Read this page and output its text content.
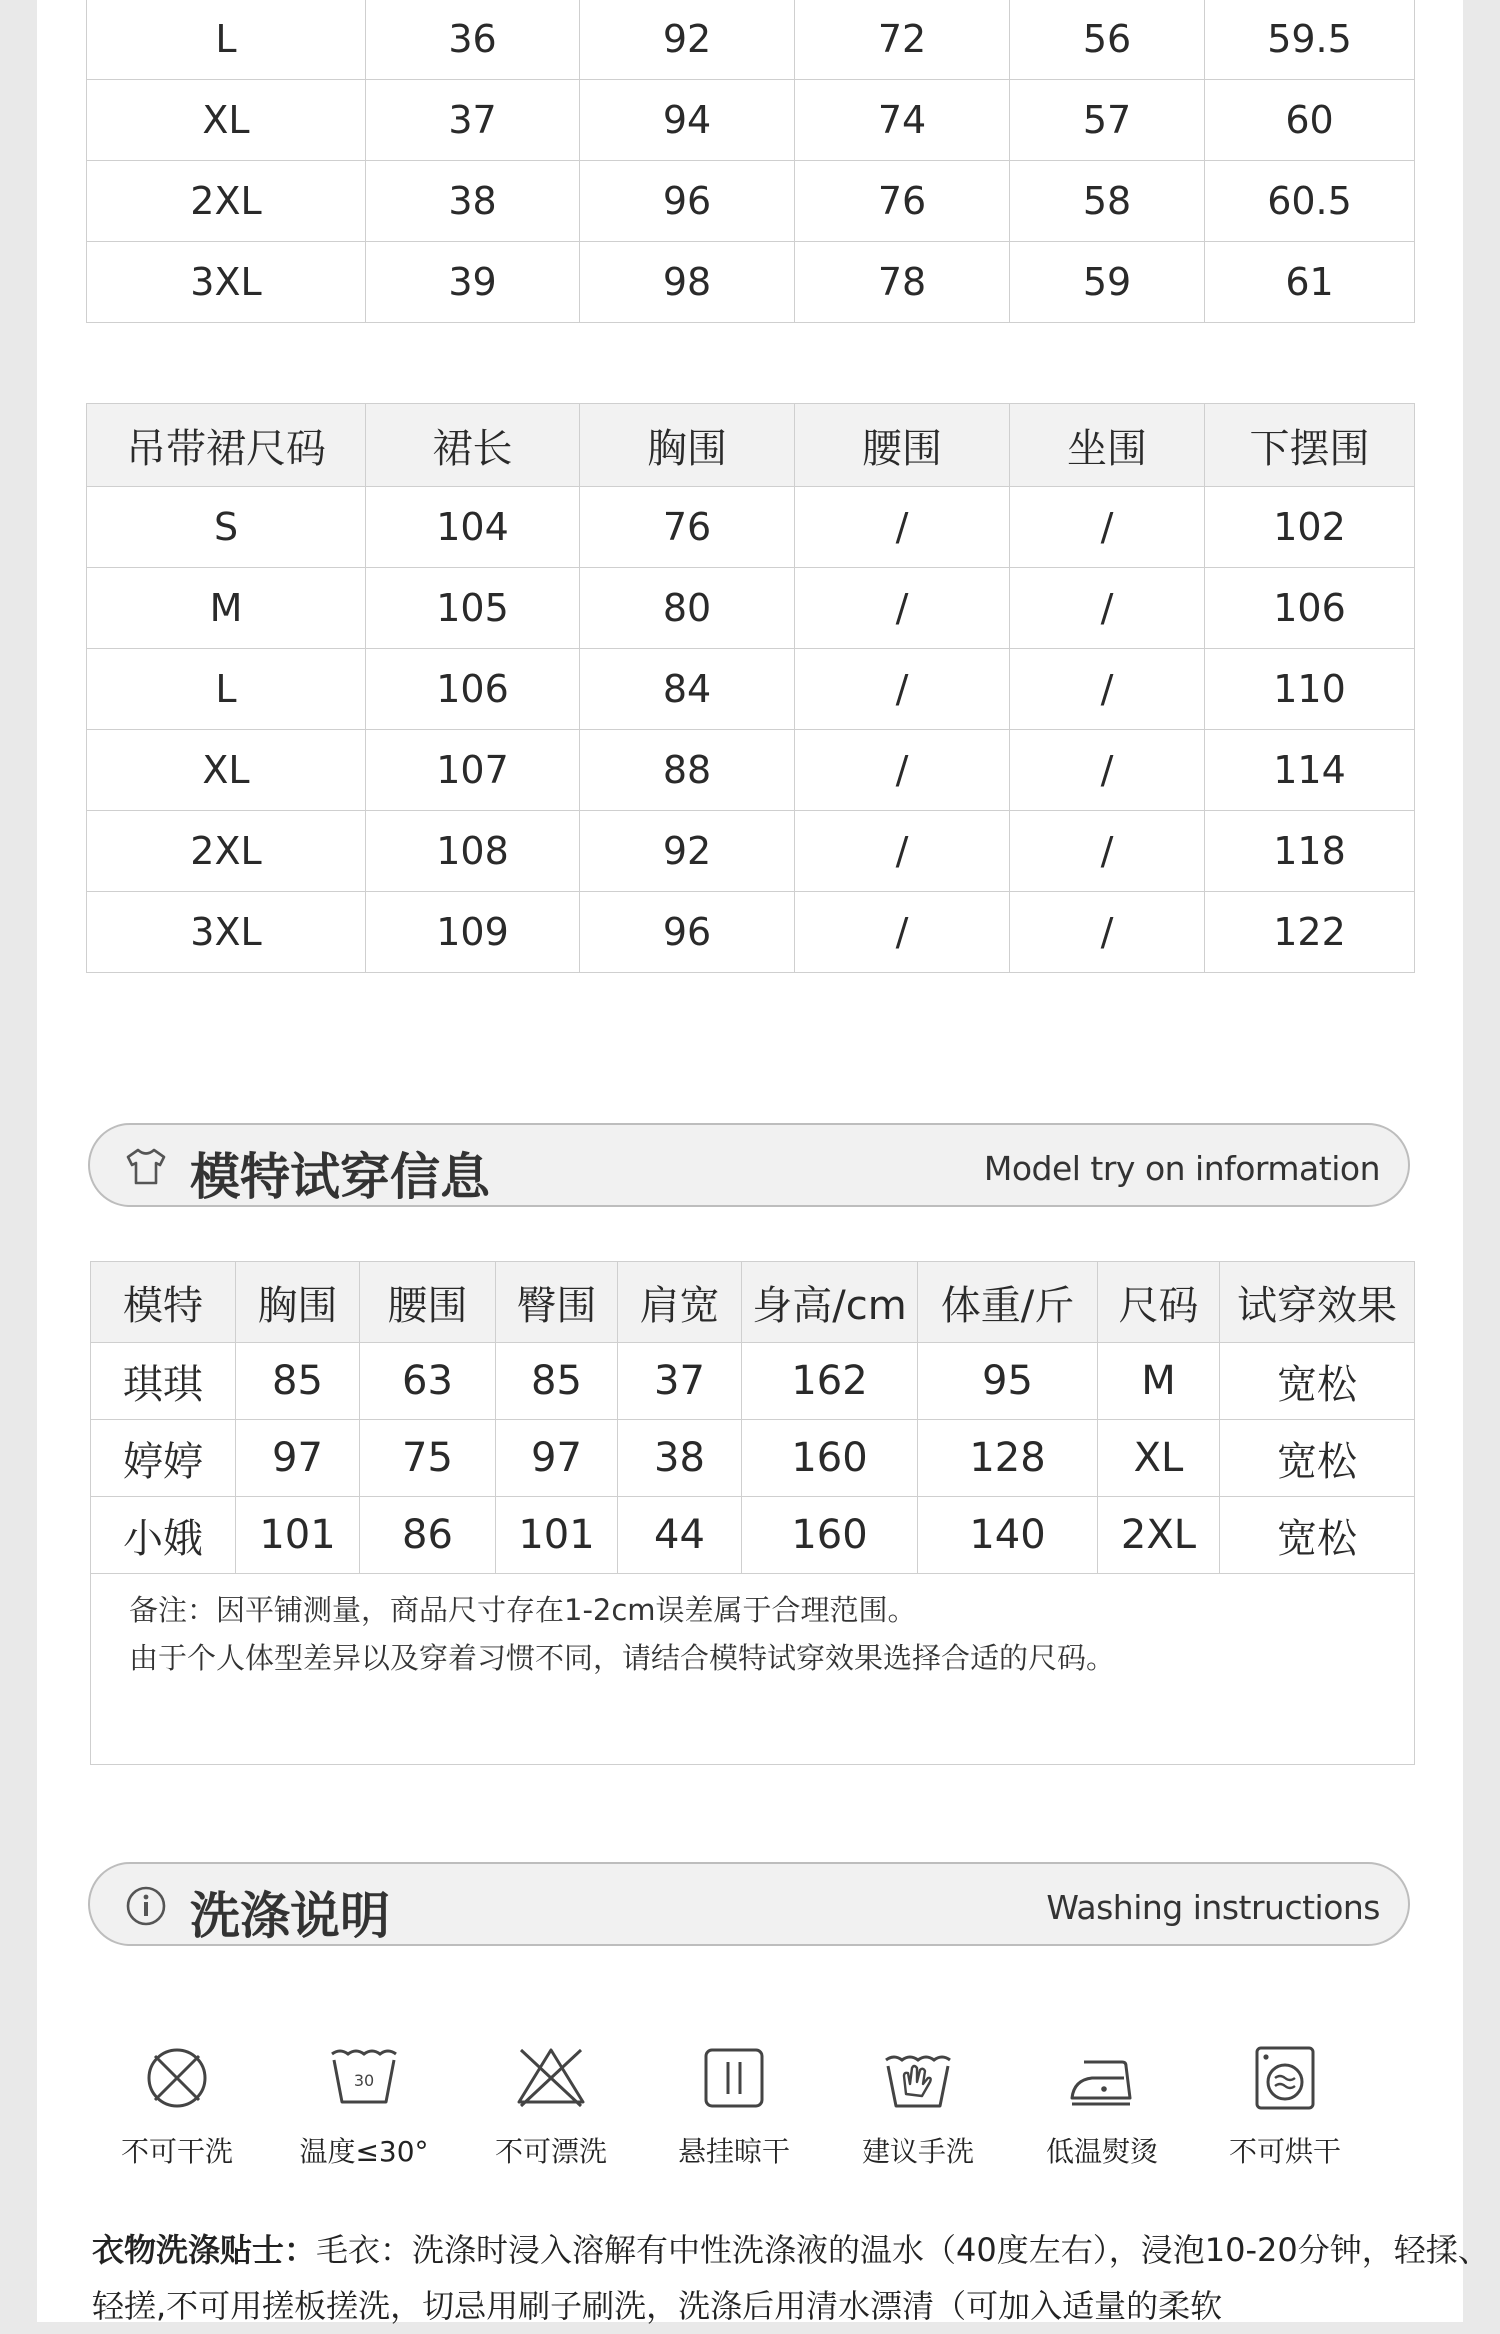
L	36	92	72	56	59.5
XL	37	94	74	57	60
2XL	38	96	76	58	60.5
3XL	39	98	78	59	61
吊带裙尺码	裙长	胸围	腰围	坐围	下摆围
S	104	76	/	/	102
M	105	80	/	/	106
L	106	84	/	/	110
XL	107	88	/	/	114
2XL	108	92	/	/	118
3XL	109	96	/	/	122
模特试穿信息	Model try on information
模特	胸围	腰围	臀围	肩宽	身高/cm	体重/斤	尺码	试穿效果
琪琪	85	63	85	37	162	95	M	宽松
婷婷	97	75	97	38	160	128	XL	宽松
小娥	101	86	101	44	160	140	2XL	宽松

备注：因平铺测量，商品尺寸存在1-2cm误差属于合理范围。
由于个人体型差异以及穿着习惯不同，请结合模特试穿效果选择合适的尺码。								
洗涤说明	Washing instructions
不可干洗
30
温度≤30°	不可漂洗	悬挂晾干	建议手洗	低温熨烫	不可烘干
衣物洗涤贴士：毛衣：洗涤时浸入溶解有中性洗涤液的温水（40度左右），浸泡10-20分钟，轻揉、轻搓,不可用搓板搓洗，切忌用刷子刷洗，洗涤后用清水漂清（可加入适量的柔软
